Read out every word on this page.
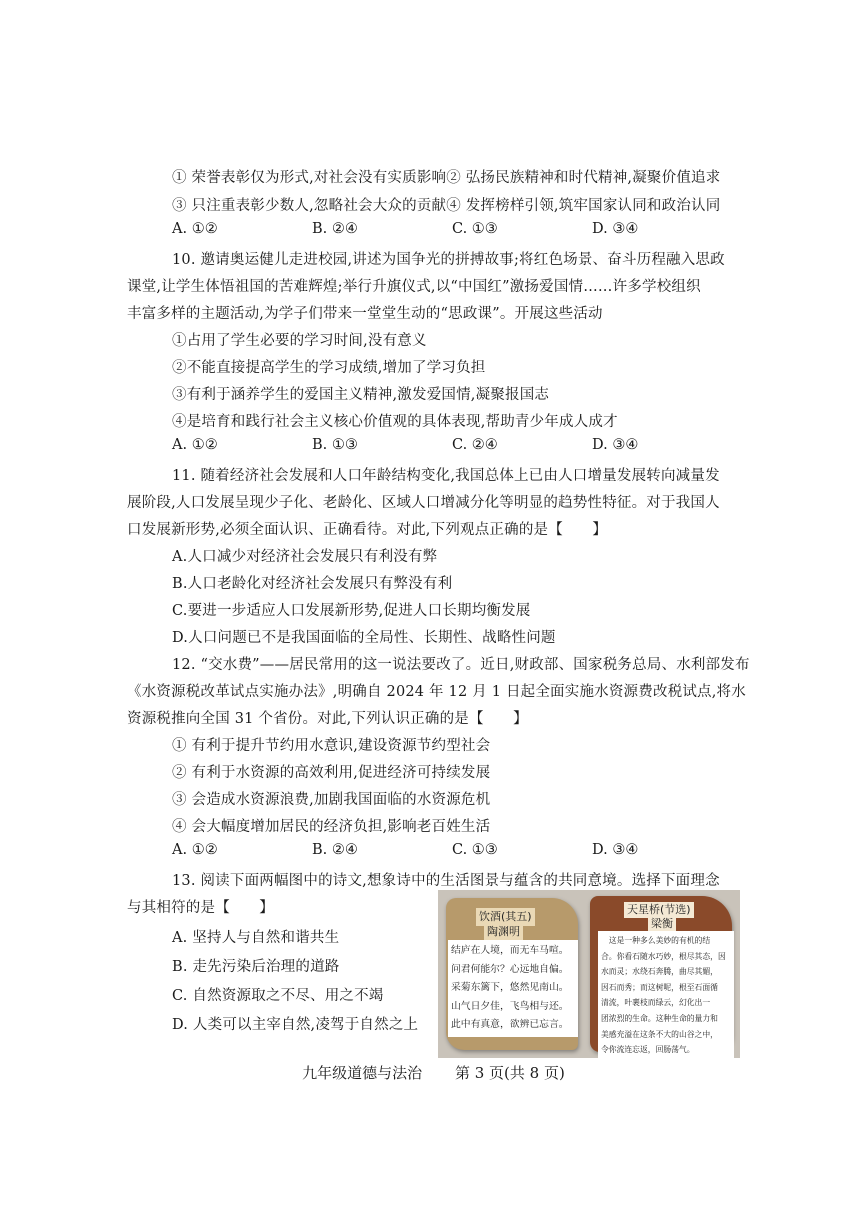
① 荣誉表彰仅为形式,对社会没有实质影响② 弘扬民族精神和时代精神,凝聚价值追求
③ 只注重表彰少数人,忽略社会大众的贡献④ 发挥榜样引领,筑牢国家认同和政治认同
A. ①②	B. ②④	C. ①③	D. ③④
10. 邀请奥运健儿走进校园,讲述为国争光的拼搏故事;将红色场景、奋斗历程融入思政
课堂,让学生体悟祖国的苦难辉煌;举行升旗仪式,以“中国红”激扬爱国情……许多学校组织
丰富多样的主题活动,为学子们带来一堂堂生动的“思政课”。开展这些活动
①占用了学生必要的学习时间,没有意义
②不能直接提高学生的学习成绩,增加了学习负担
③有利于涵养学生的爱国主义精神,激发爱国情,凝聚报国志
④是培育和践行社会主义核心价值观的具体表现,帮助青少年成人成才
A. ①②	B. ①③	C. ②④	D. ③④
11. 随着经济社会发展和人口年龄结构变化,我国总体上已由人口增量发展转向减量发
展阶段,人口发展呈现少子化、老龄化、区域人口增减分化等明显的趋势性特征。对于我国人
口发展新形势,必须全面认识、正确看待。对此,下列观点正确的是【　　】
A.人口减少对经济社会发展只有利没有弊
B.人口老龄化对经济社会发展只有弊没有利
C.要进一步适应人口发展新形势,促进人口长期均衡发展
D.人口问题已不是我国面临的全局性、长期性、战略性问题
12. “交水费”——居民常用的这一说法要改了。近日,财政部、国家税务总局、水利部发布
《水资源税改革试点实施办法》,明确自 2024 年 12 月 1 日起全面实施水资源费改税试点,将水
资源税推向全国 31 个省份。对此,下列认识正确的是【　　】
① 有利于提升节约用水意识,建设资源节约型社会
② 有利于水资源的高效利用,促进经济可持续发展
③ 会造成水资源浪费,加剧我国面临的水资源危机
④ 会大幅度增加居民的经济负担,影响老百姓生活
A. ①②	B. ②④	C. ①③	D. ③④
13. 阅读下面两幅图中的诗文,想象诗中的生活图景与蕴含的共同意境。选择下面理念
与其相符的是【　　】
A. 坚持人与自然和谐共生
B. 走先污染后治理的道路
C. 自然资源取之不尽、用之不竭
D. 人类可以主宰自然,凌驾于自然之上
饮酒(其五)
陶渊明
结庐在人境，而无车马喧。
问君何能尔？心远地自偏。
采菊东篱下，悠然见南山。
山气日夕佳，飞鸟相与还。
此中有真意，欲辨已忘言。
天星桥(节选)
梁衡
　这是一种多么美妙的有机的结
合。你看石随水巧妙，根尽其态，因
水而灵；水绕石奔腾，曲尽其媚，
因石而秀；而这树呢，根至石面循
清流，叶裹枝而绿云，幻化出一
团浓烈的生命。这种生命的量力和
美感充溢在这条不大的山谷之中，
令你流连忘返，回肠荡气。
九年级道德与法治 第 3 页(共 8 页)
